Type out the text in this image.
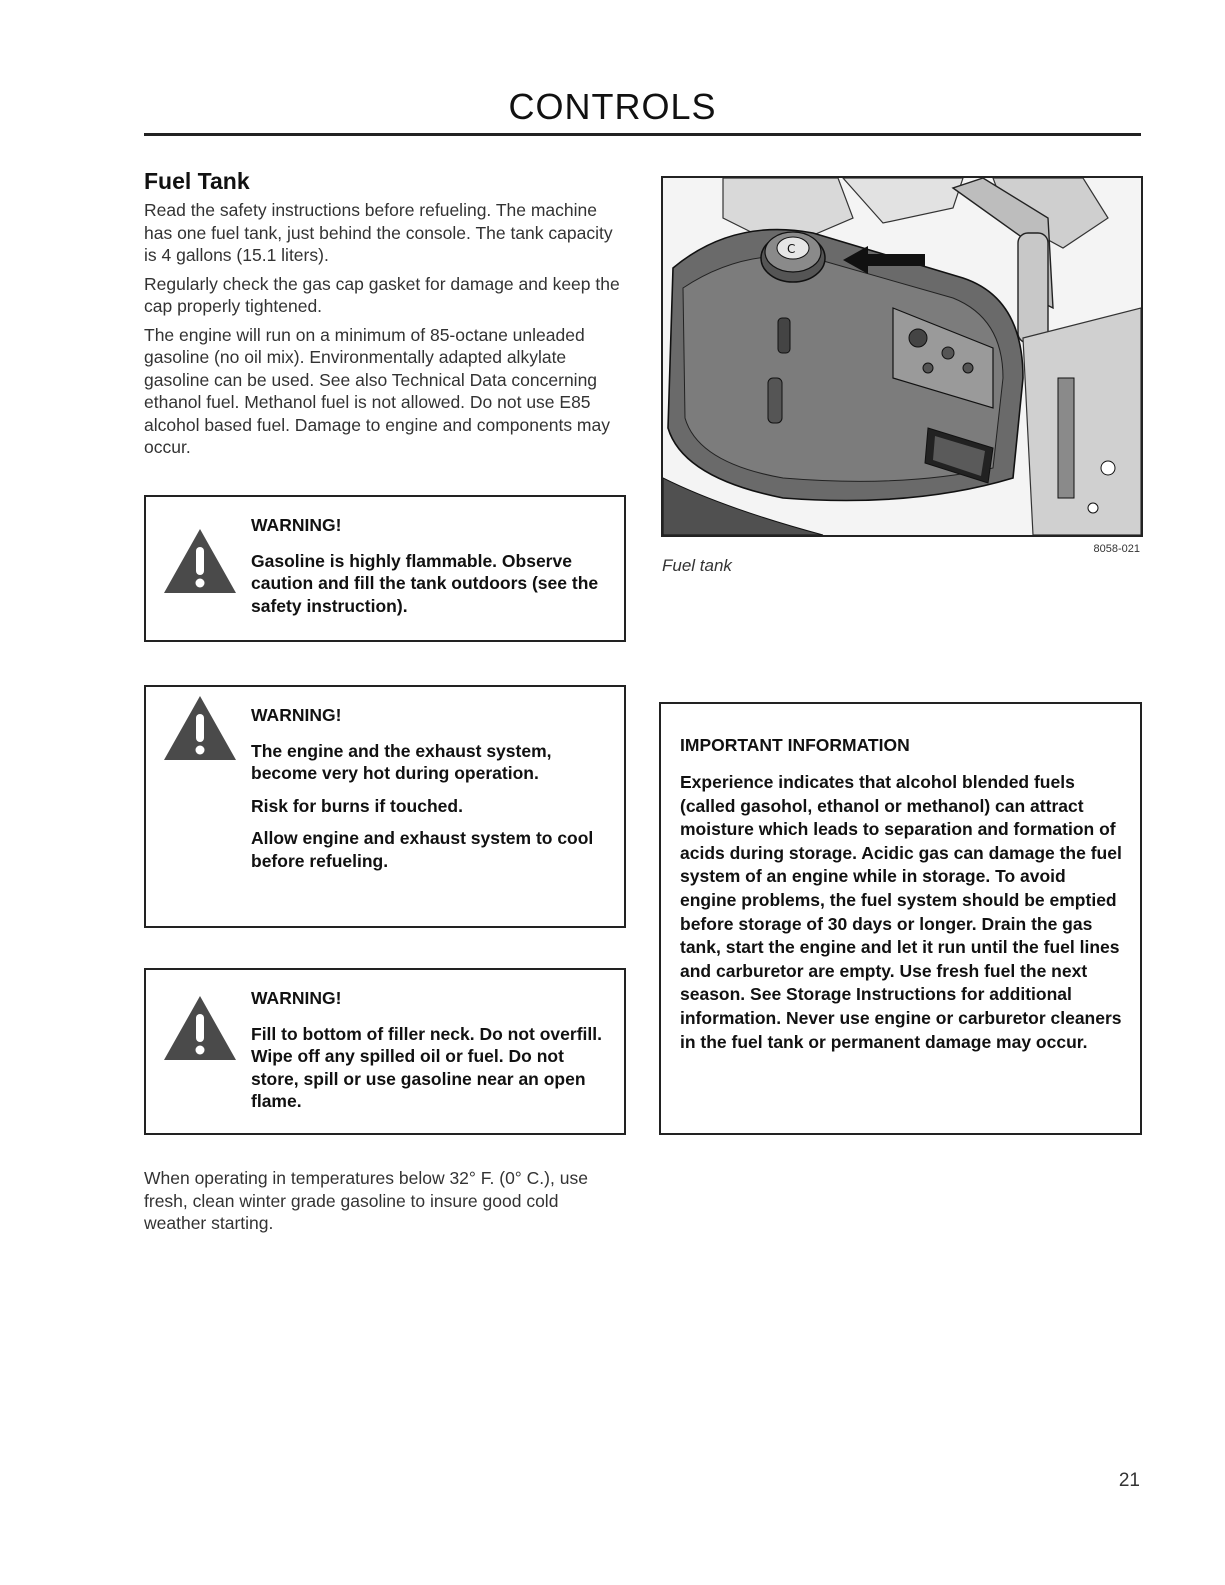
CONTROLS
Fuel Tank

Read the safety instructions before refueling. The machine has one fuel tank, just behind the console. The tank capacity is 4 gallons (15.1 liters).

Regularly check the gas cap gasket for damage and keep the cap properly tightened.

The engine will run on a minimum of 85-octane unleaded gasoline (no oil mix). Environmentally adapted alkylate gasoline can be used. See also Technical Data concerning ethanol fuel. Methanol fuel is not allowed. Do not use E85 alcohol based fuel. Damage to engine and components may occur.

WARNING!

Gasoline is highly flammable. Observe caution and fill the tank outdoors (see the safety instruction).

WARNING!

The engine and the exhaust system, become very hot during operation.

Risk for burns if touched.

Allow engine and exhaust system to cool before refueling.

WARNING!

Fill to bottom of filler neck. Do not overfill. Wipe off any spilled oil or fuel. Do not store, spill or use gasoline near an open flame.

C
8058-021
Fuel tank
IMPORTANT INFORMATION
Experience indicates that alcohol blended fuels (called gasohol, ethanol or methanol) can attract moisture which leads to separation and formation of acids during storage. Acidic gas can damage the fuel system of an engine while in storage. To avoid engine problems, the fuel system should be emptied before storage of 30 days or longer. Drain the gas tank, start the engine and let it run until the fuel lines and carburetor are empty. Use fresh fuel the next season. See Storage Instructions for additional information. Never use engine or carburetor cleaners in the fuel tank or permanent damage may occur.
When operating in temperatures below 32° F. (0° C.), use fresh, clean winter grade gasoline to insure good cold weather starting.
21
